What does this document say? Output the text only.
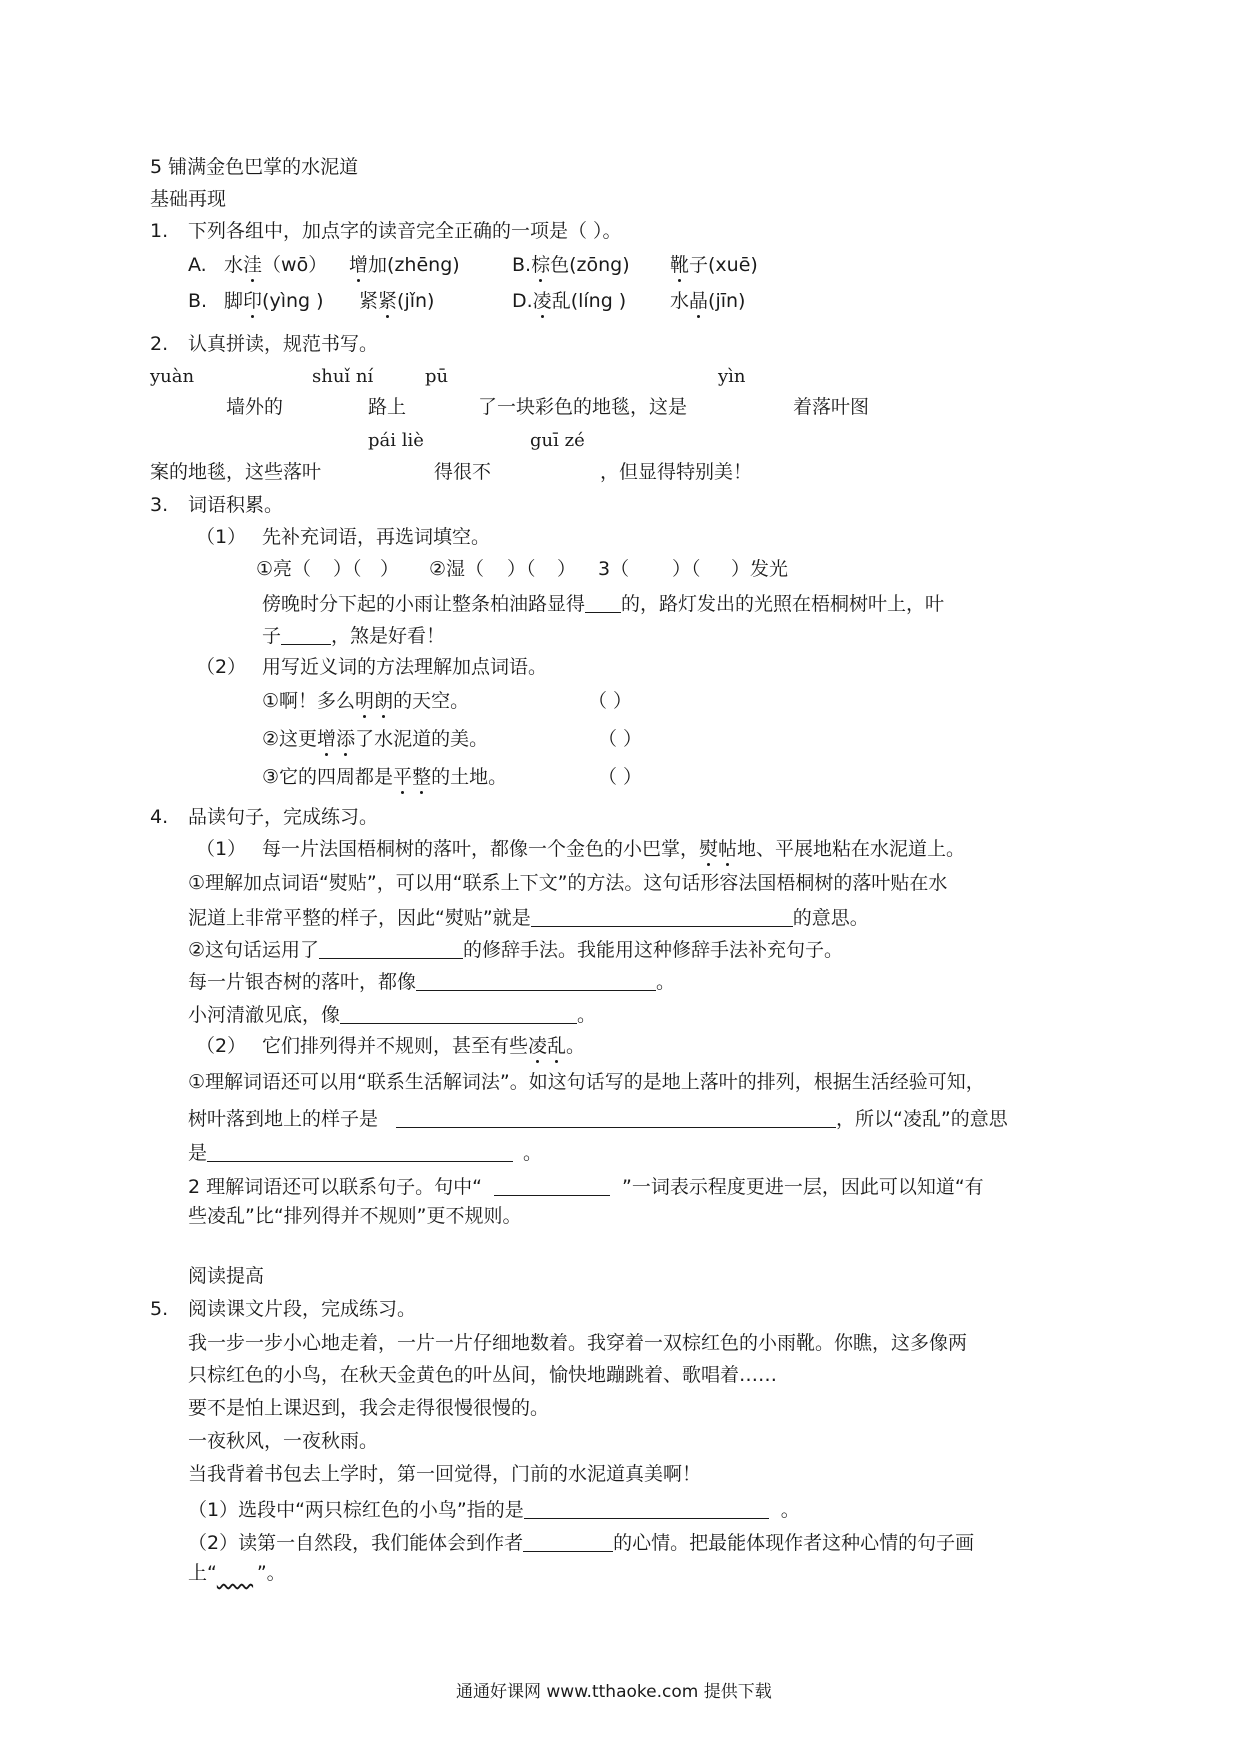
5 铺满金色巴掌的水泥道
基础再现
1. 下列各组中，加点字的读音完全正确的一项是（ ）。
A. 水洼（wō） 增加(zhēng)	B.棕色(zōng) 靴子(xuē)
B. 脚印(yìng ) 紧紧(jǐn)	D.凌乱(líng ) 水晶(jīn)
2. 认真拼读，规范书写。
yuàn	shuǐ ní	pū	yìn
墙外的	路上	了一块彩色的地毯，这是	着落叶图
pái liè	guī zé
案的地毯，这些落叶	得很不	，但显得特别美！
3. 词语积累。
（1） 先补充词语，再选词填空。
①亮（ ）（ ） ②湿（ ）（ ） 3（ ）（ ）发光
傍晚时分下起的小雨让整条柏油路显得 的，路灯发出的光照在梧桐树叶上，叶
子	，煞是好看！
（2） 用写近义词的方法理解加点词语。
①啊！多么明朗的天空。	（ ）
②这更增添了水泥道的美。	（ ）
③它的四周都是平整的土地。	（ ）
4. 品读句子，完成练习。
（1） 每一片法国梧桐树的落叶，都像一个金色的小巴掌，熨帖地、平展地粘在水泥道上。
①理解加点词语“熨贴”，可以用“联系上下文”的方法。这句话形容法国梧桐树的落叶贴在水
泥道上非常平整的样子，因此“熨贴”就是	的意思。
②这句话运用了	的修辞手法。我能用这种修辞手法补充句子。
每一片银杏树的落叶，都像	。
小河清澈见底，像	。
（2） 它们排列得并不规则，甚至有些凌乱。
①理解词语还可以用“联系生活解词法”。如这句话写的是地上落叶的排列，根据生活经验可知，
树叶落到地上的样子是	，所以“凌乱”的意思
是	。
2 理解词语还可以联系句子。句中“	”一词表示程度更进一层，因此可以知道“有
些凌乱”比“排列得并不规则”更不规则。
阅读提高
5. 阅读课文片段，完成练习。
我一步一步小心地走着，一片一片仔细地数着。我穿着一双棕红色的小雨靴。你瞧，这多像两
只棕红色的小鸟，在秋天金黄色的叶丛间，愉快地蹦跳着、歌唱着……
要不是怕上课迟到，我会走得很慢很慢的。
一夜秋风，一夜秋雨。
当我背着书包去上学时，第一回觉得，门前的水泥道真美啊！
（1）选段中“两只棕红色的小鸟”指的是	。
（2）读第一自然段，我们能体会到作者	的心情。把最能体现作者这种心情的句子画
上“ ”。
通通好课网 www.tthaoke.com 提供下载
